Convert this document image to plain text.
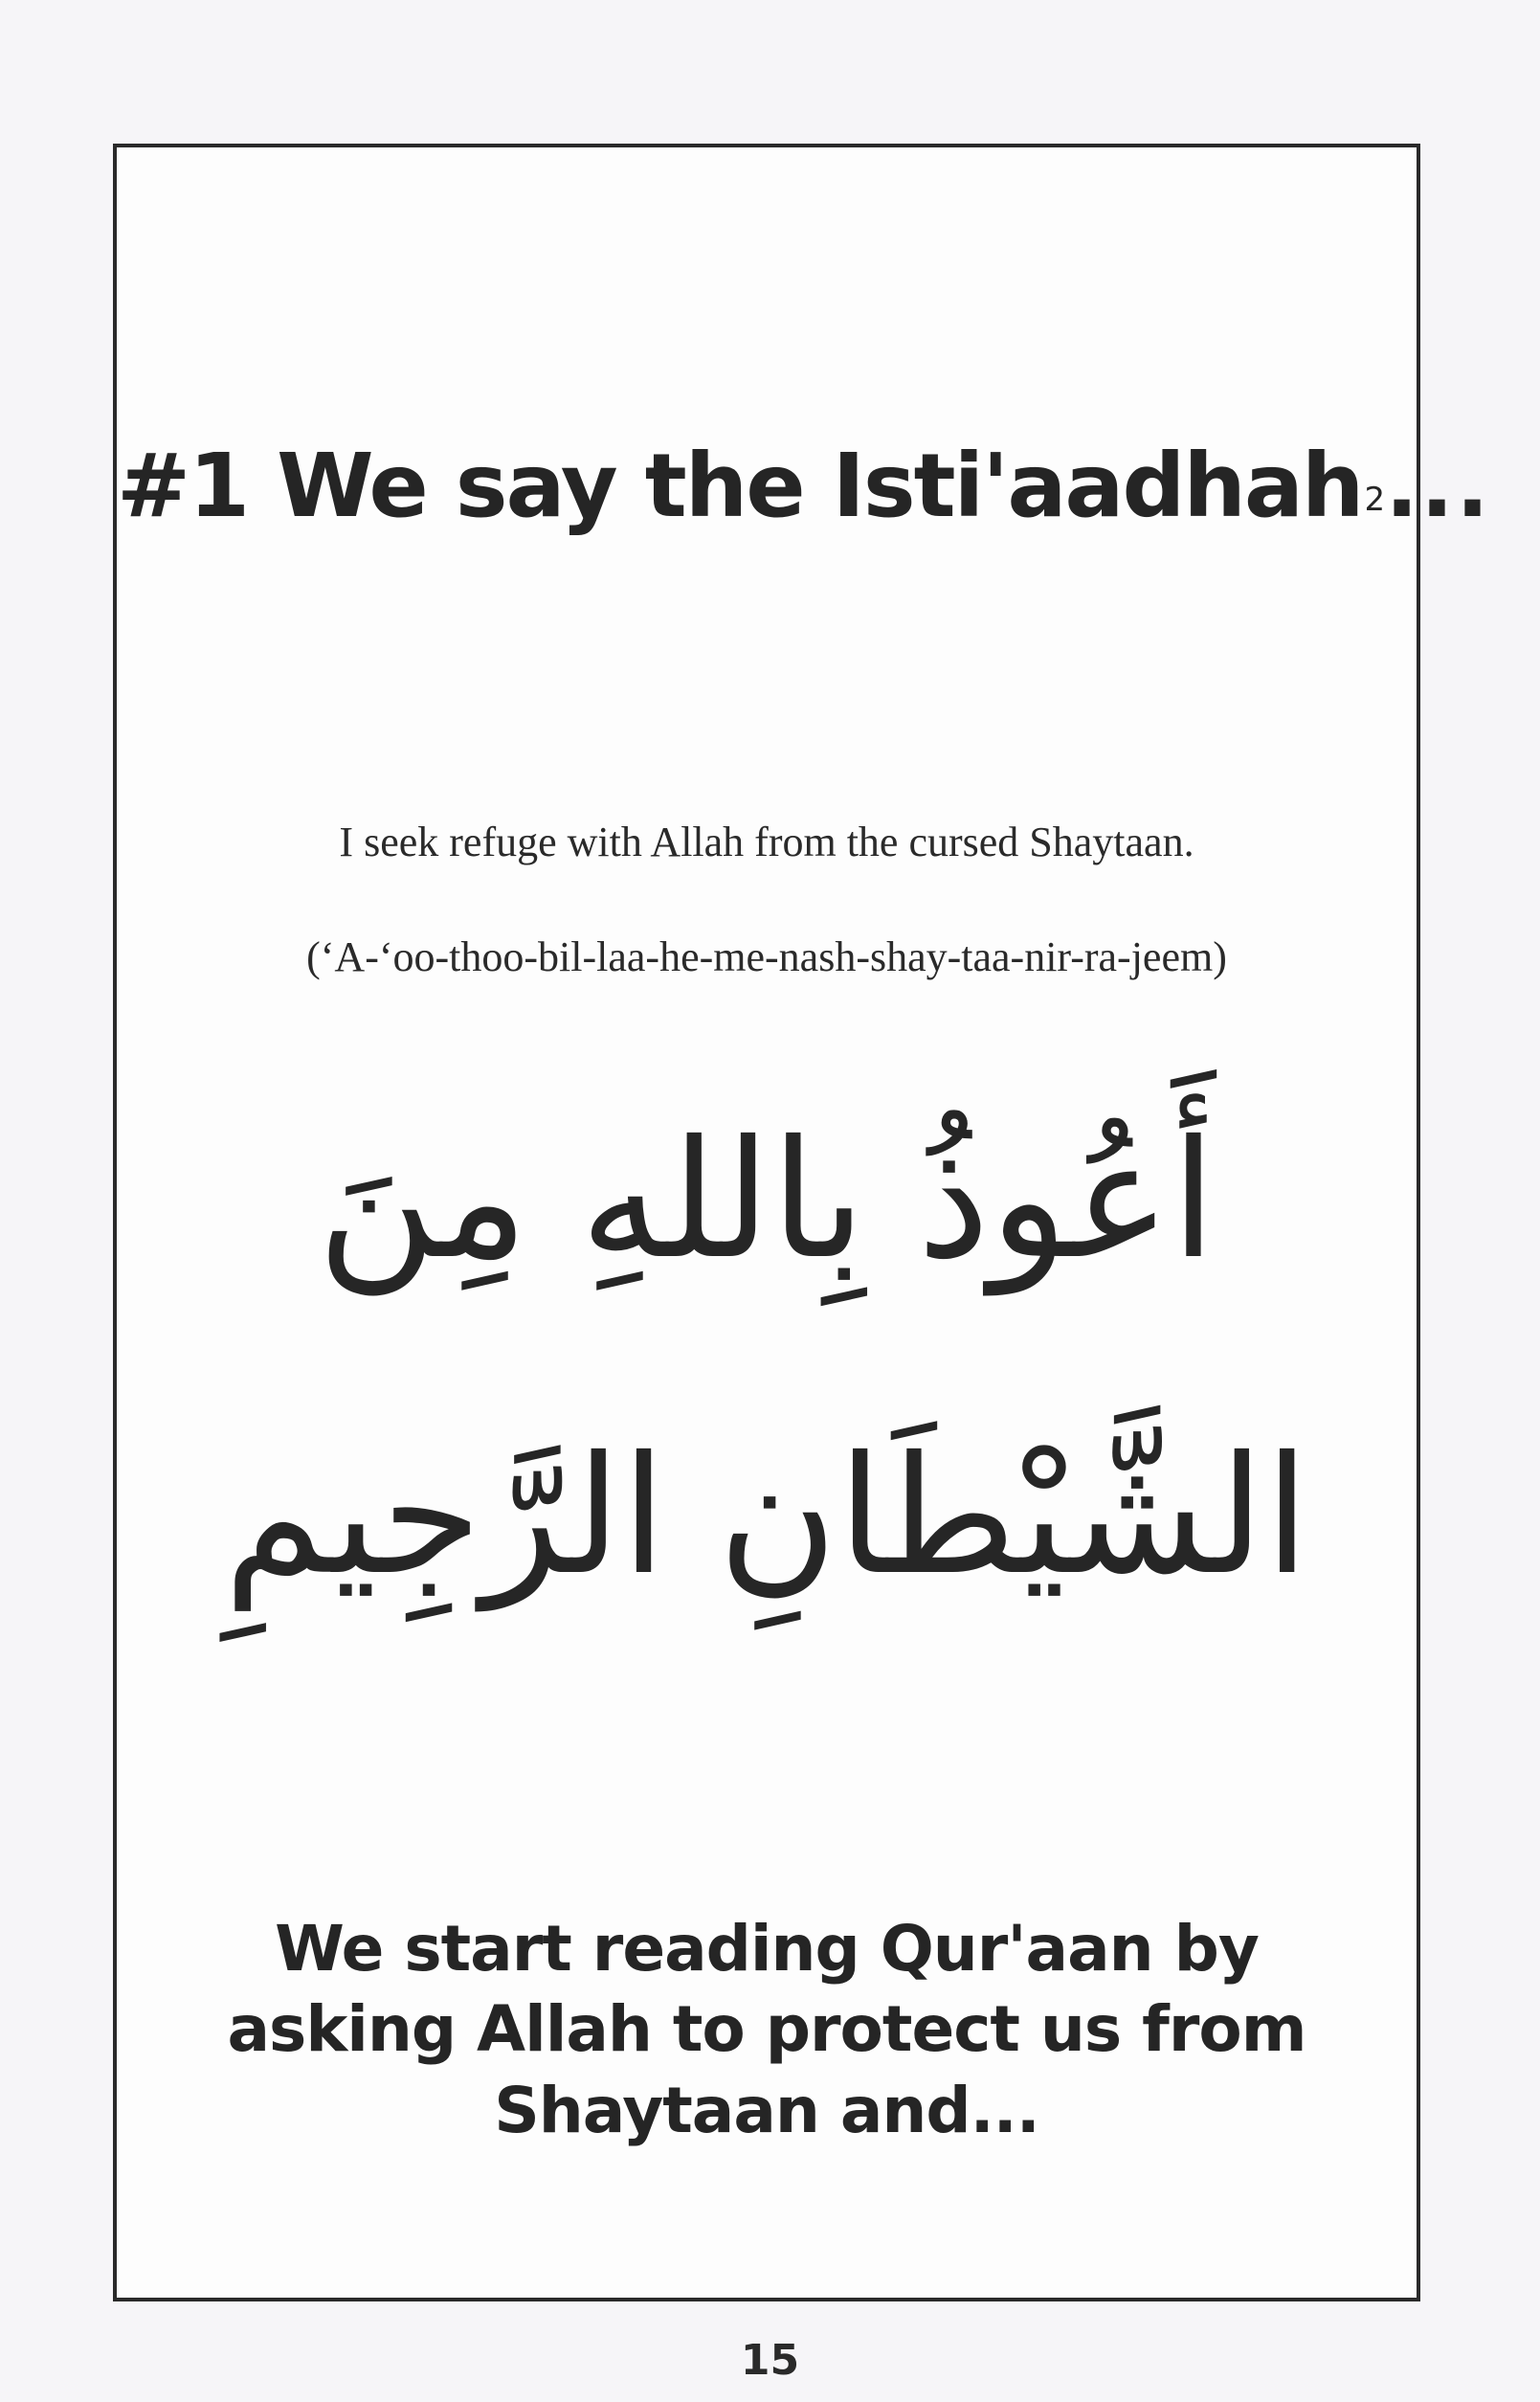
#1 We say the Isti'aadhah2...
I seek refuge with Allah from the cursed Shaytaan.
(‘A-‘oo-thoo-bil-laa-he-me-nash-shay-taa-nir-ra-jeem)
أَعُوذُ بِاللهِ مِنَ
الشَّيْطَانِ الرَّجِيمِ
We start reading Qur'aan by asking Allah to protect us from Shaytaan and...
15
